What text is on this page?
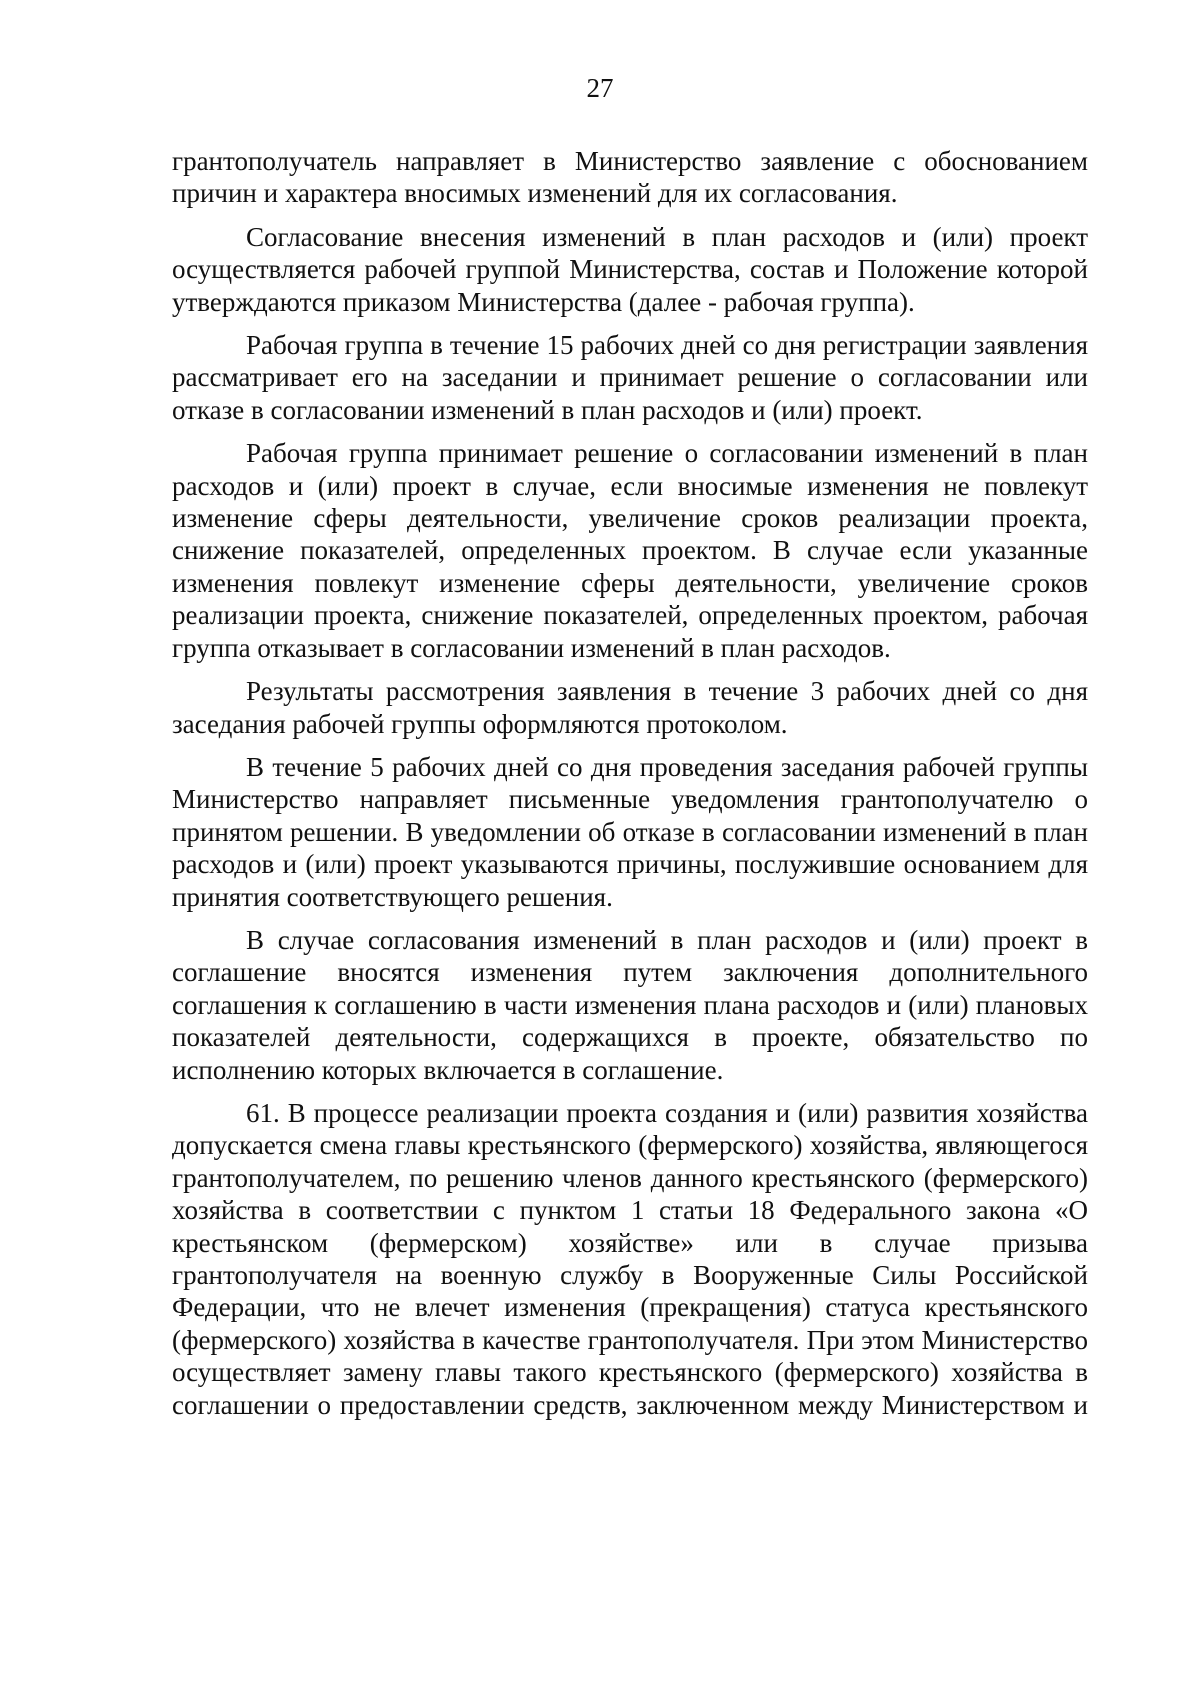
27

грантополучатель направляет в Министерство заявление с обоснованием причин и характера вносимых изменений для их согласования.

Согласование внесения изменений в план расходов и (или) проект осуществляется рабочей группой Министерства, состав и Положение которой утверждаются приказом Министерства (далее - рабочая группа).

Рабочая группа в течение 15 рабочих дней со дня регистрации заявления рассматривает его на заседании и принимает решение о согласовании или отказе в согласовании изменений в план расходов и (или) проект.

Рабочая группа принимает решение о согласовании изменений в план расходов и (или) проект в случае, если вносимые изменения не повлекут изменение сферы деятельности, увеличение сроков реализации проекта, снижение показателей, определенных проектом. В случае если указанные изменения повлекут изменение сферы деятельности, увеличение сроков реализации проекта, снижение показателей, определенных проектом, рабочая группа отказывает в согласовании изменений в план расходов.

Результаты рассмотрения заявления в течение 3 рабочих дней со дня заседания рабочей группы оформляются протоколом.

В течение 5 рабочих дней со дня проведения заседания рабочей группы Министерство направляет письменные уведомления грантополучателю о принятом решении. В уведомлении об отказе в согласовании изменений в план расходов и (или) проект указываются причины, послужившие основанием для принятия соответствующего решения.

В случае согласования изменений в план расходов и (или) проект в соглашение вносятся изменения путем заключения дополнительного соглашения к соглашению в части изменения плана расходов и (или) плановых показателей деятельности, содержащихся в проекте, обязательство по исполнению которых включается в соглашение.

61. В процессе реализации проекта создания и (или) развития хозяйства допускается смена главы крестьянского (фермерского) хозяйства, являющегося грантополучателем, по решению членов данного крестьянского (фермерского) хозяйства в соответствии с пунктом 1 статьи 18 Федерального закона «О крестьянском (фермерском) хозяйстве» или в случае призыва грантополучателя на военную службу в Вооруженные Силы Российской Федерации, что не влечет изменения (прекращения) статуса крестьянского (фермерского) хозяйства в качестве грантополучателя. При этом Министерство осуществляет замену главы такого крестьянского (фермерского) хозяйства в соглашении о предоставлении средств, заключенном между Министерством и
